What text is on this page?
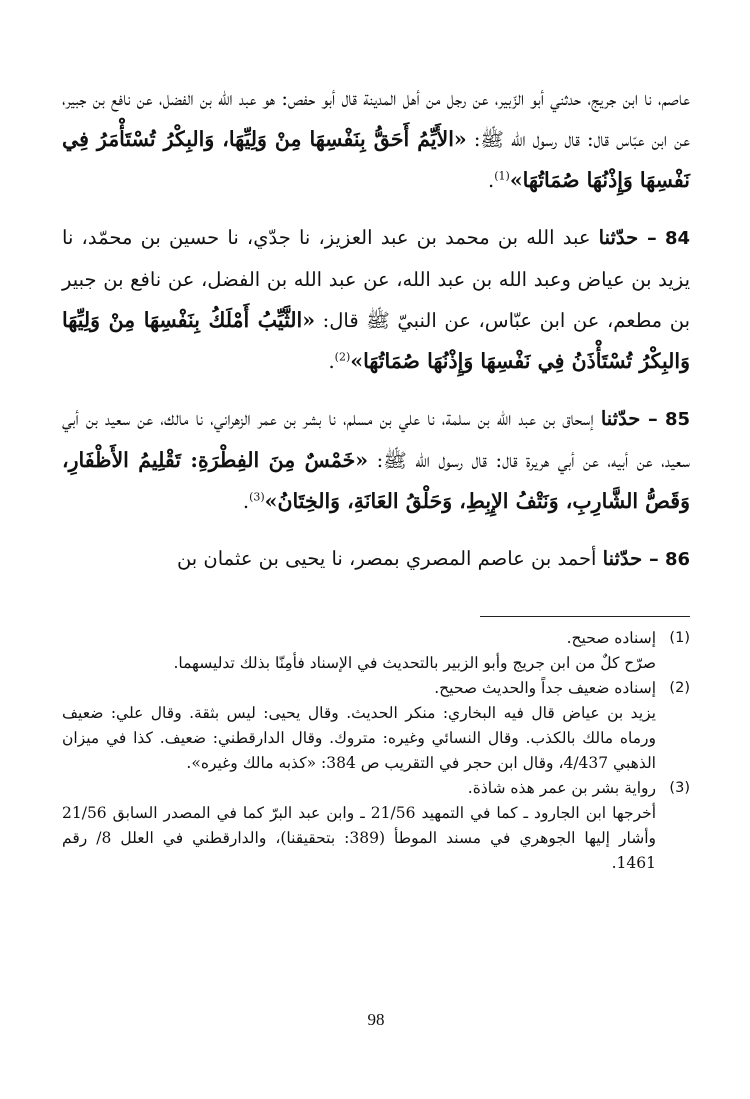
عاصم، نا ابن جريج، حدثني أبو الزّبير، عن رجل من أهل المدينة قال أبو حفص: هو عبد الله بن الفضل، عن نافع بن جبير، عن ابن عبّاس قال: قال رسول الله ﷺ: «الأَيِّمُ أَحَقُّ بِنَفْسِهَا مِنْ وَلِيِّهَا، وَالبِكْرُ تُسْتَأْمَرُ فِي نَفْسِهَا وَإِذْنُهَا صُمَاتُهَا»$^{(1)}$.

84 – حدّثنا عبد الله بن محمد بن عبد العزيز، نا جدّي، نا حسين بن محمّد، نا يزيد بن عياض وعبد الله بن عبد الله، عن عبد الله بن الفضل، عن نافع بن جبير بن مطعم، عن ابن عبّاس، عن النبيّ ﷺ قال: «الثَّيِّبُ أَمْلَكُ بِنَفْسِهَا مِنْ وَلِيِّهَا وَالبِكْرُ تُسْتَأْذَنُ فِي نَفْسِهَا وَإِذْنُهَا صُمَاتُهَا»$^{(2)}$.

85 – حدّثنا إسحاق بن عبد الله بن سلمة، نا علي بن مسلم، نا بشر بن عمر الزهراني، نا مالك، عن سعيد بن أبي سعيد، عن أبيه، عن أبي هريرة قال: قال رسول الله ﷺ: «خَمْسٌ مِنَ الفِطْرَةِ: تَقْلِيمُ الأَظْفَارِ، وَقَصُّ الشَّارِبِ، وَنَتْفُ الإِبِطِ، وَحَلْقُ العَانَةِ، وَالخِتَانُ»$^{(3)}$.

86 – حدّثنا أحمد بن عاصم المصري بمصر، نا يحيى بن عثمان بن

(1)
إسناده صحيح.

صرّح كلٌ من ابن جريج وأبو الزبير بالتحديث في الإسناد فأمِنّا بذلك تدليسهما.

(2)
إسناده ضعيف جداً والحديث صحيح.

يزيد بن عياض قال فيه البخاري: منكر الحديث. وقال يحيى: ليس بثقة. وقال علي: ضعيف ورماه مالك بالكذب. وقال النسائي وغيره: متروك. وقال الدارقطني: ضعيف. كذا في ميزان الذهبي 4/437، وقال ابن حجر في التقريب ص 384: «كذبه مالك وغيره».

(3)
رواية بشر بن عمر هذه شاذة.

أخرجها ابن الجارود ـ كما في التمهيد 21/56 ـ وابن عبد البرّ كما في المصدر السابق 21/56 وأشار إليها الجوهري في مسند الموطأ (389: بتحقيقنا)، والدارقطني في العلل 8/ رقم 1461.

98
